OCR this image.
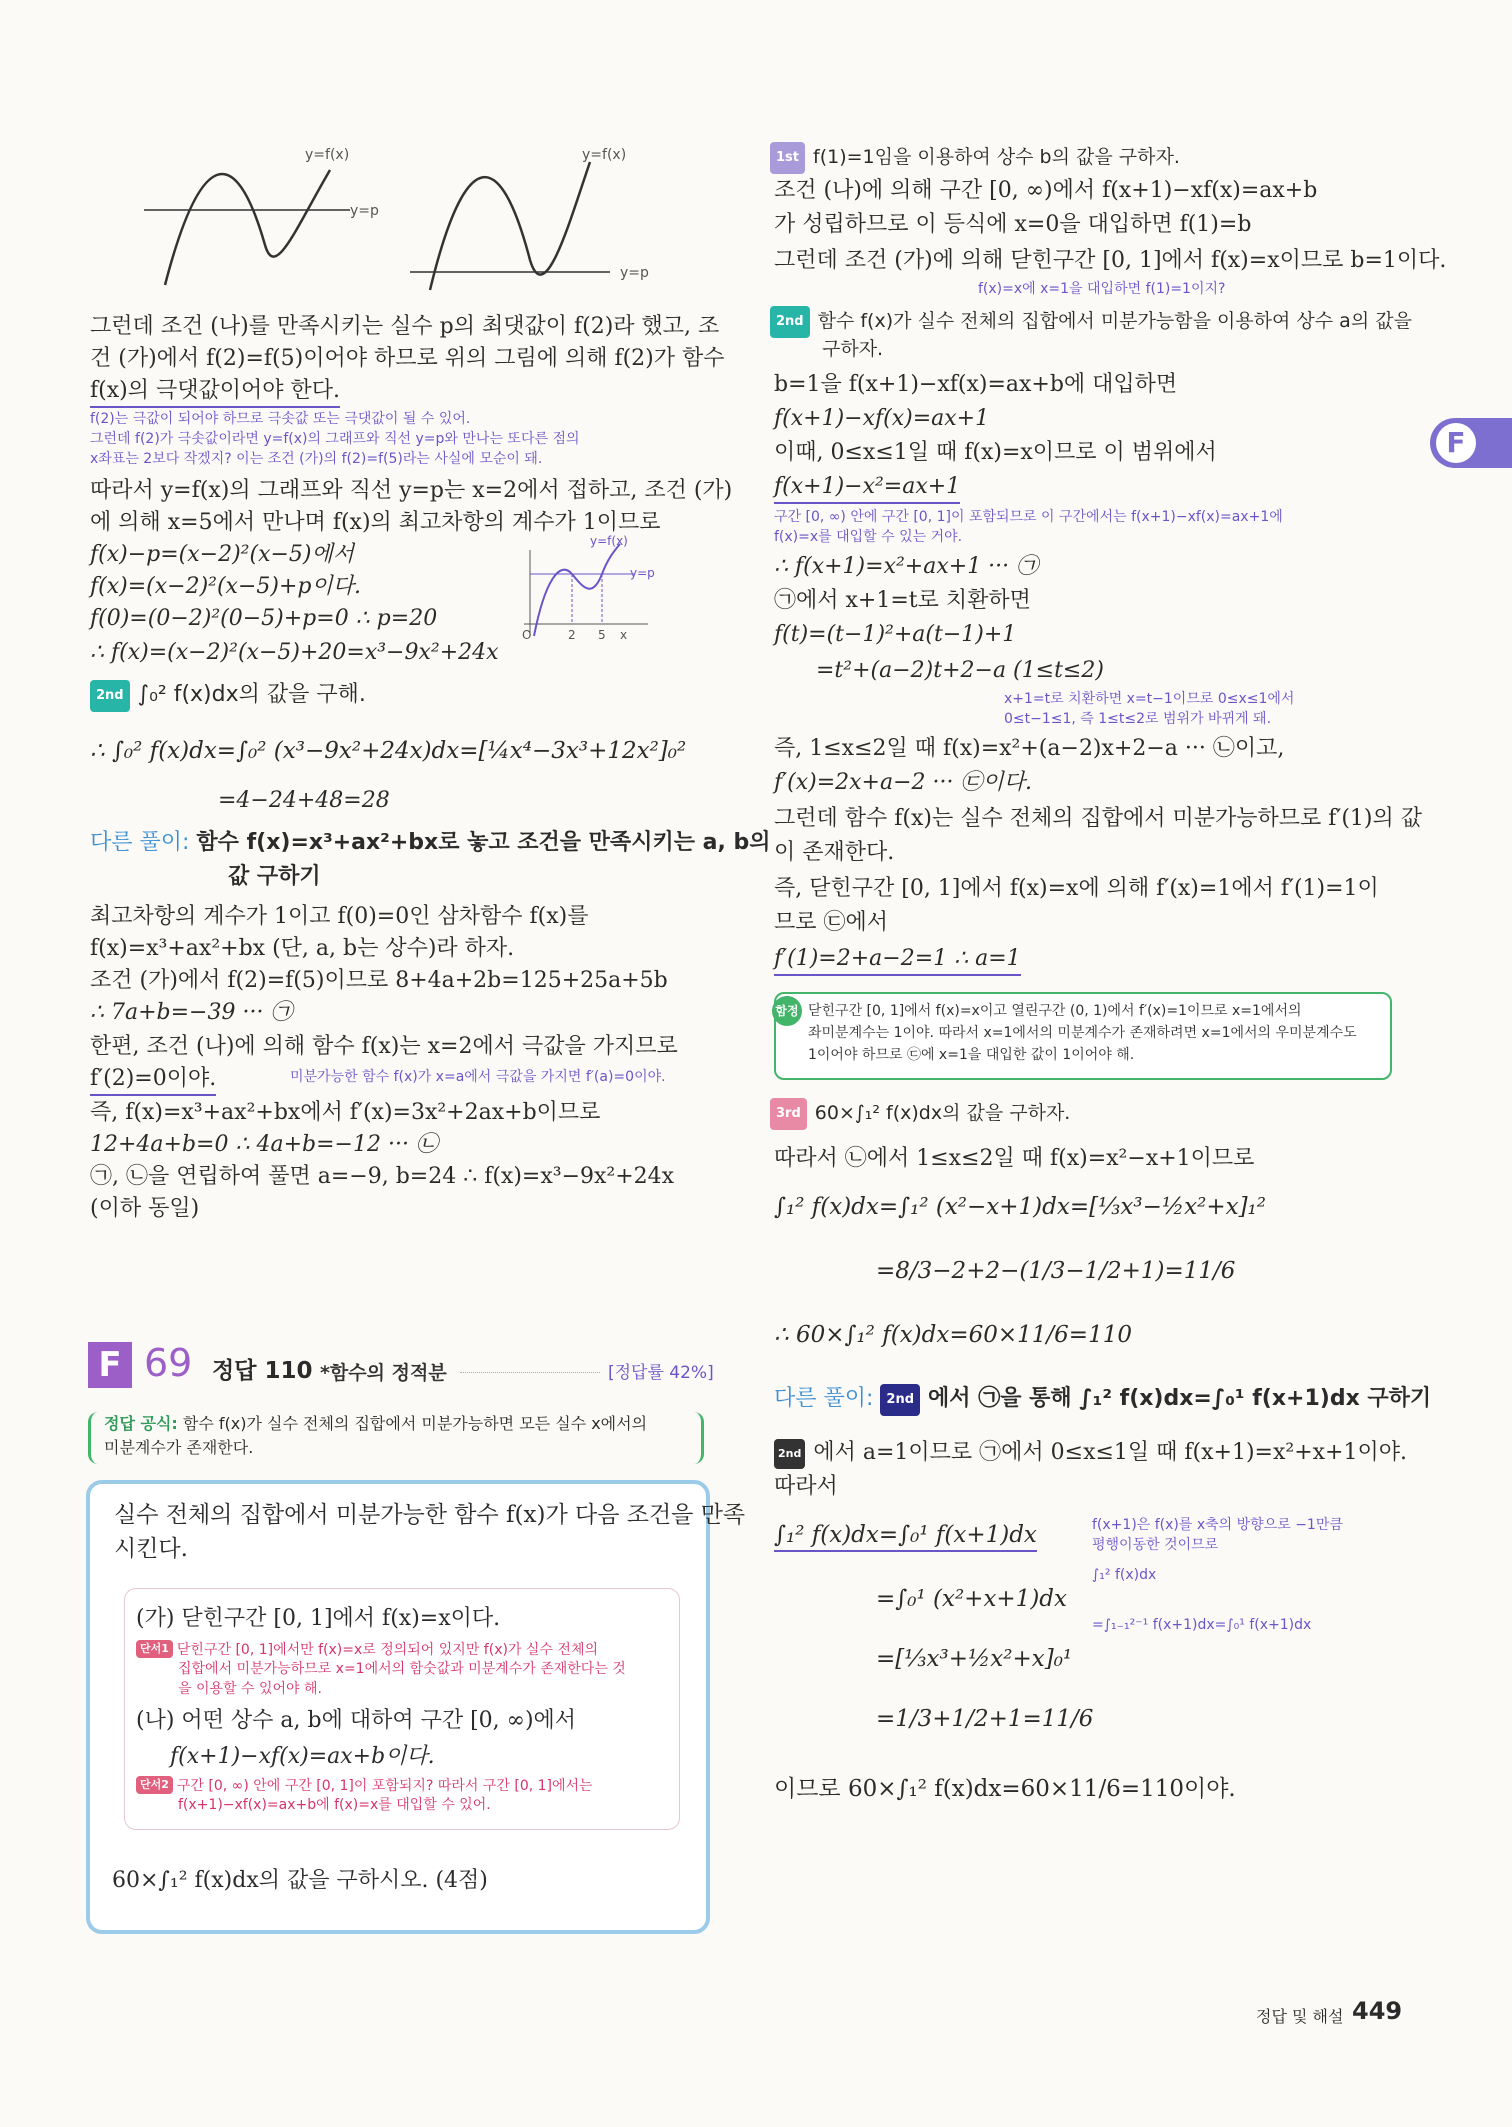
y=f(x)
y=p
y=f(x)
y=p
그런데 조건 (나)를 만족시키는 실수 p의 최댓값이 f(2)라 했고, 조
건 (가)에서 f(2)=f(5)이어야 하므로 위의 그림에 의해 f(2)가 함수
f(x)의 극댓값이어야 한다.
f(2)는 극값이 되어야 하므로 극솟값 또는 극댓값이 될 수 있어.
그런데 f(2)가 극솟값이라면 y=f(x)의 그래프와 직선 y=p와 만나는 또다른 점의
x좌표는 2보다 작겠지? 이는 조건 (가)의 f(2)=f(5)라는 사실에 모순이 돼.
따라서 y=f(x)의 그래프와 직선 y=p는 x=2에서 접하고, 조건 (가)
에 의해 x=5에서 만나며 f(x)의 최고차항의 계수가 1이므로
f(x)−p=(x−2)²(x−5)에서
f(x)=(x−2)²(x−5)+p이다.
f(0)=(0−2)²(0−5)+p=0 ∴ p=20
∴ f(x)=(x−2)²(x−5)+20=x³−9x²+24x
y=f(x)
y=p
O	2 5 x
2nd ∫₀² f(x)dx의 값을 구해.
∴ ∫₀² f(x)dx=∫₀² (x³−9x²+24x)dx=[¼x⁴−3x³+12x²]₀²
=4−24+48=28
다른 풀이: 함수 f(x)=x³+ax²+bx로 놓고 조건을 만족시키는 a, b의
값 구하기
최고차항의 계수가 1이고 f(0)=0인 삼차함수 f(x)를
f(x)=x³+ax²+bx (단, a, b는 상수)라 하자.
조건 (가)에서 f(2)=f(5)이므로 8+4a+2b=125+25a+5b
∴ 7a+b=−39 ··· ㉠
한편, 조건 (나)에 의해 함수 f(x)는 x=2에서 극값을 가지므로
f′(2)=0이야.	미분가능한 함수 f(x)가 x=a에서 극값을 가지면 f′(a)=0이야.
즉, f(x)=x³+ax²+bx에서 f′(x)=3x²+2ax+b이므로
12+4a+b=0 ∴ 4a+b=−12 ··· ㉡
㉠, ㉡을 연립하여 풀면 a=−9, b=24 ∴ f(x)=x³−9x²+24x
(이하 동일)
F 69 정답 110 *함수의 정적분	[정답률 42%]
정답 공식: 함수 f(x)가 실수 전체의 집합에서 미분가능하면 모든 실수 x에서의
미분계수가 존재한다.
실수 전체의 집합에서 미분가능한 함수 f(x)가 다음 조건을 만족
시킨다.
(가) 닫힌구간 [0, 1]에서 f(x)=x이다.
단서1 닫힌구간 [0, 1]에서만 f(x)=x로 정의되어 있지만 f(x)가 실수 전체의
집합에서 미분가능하므로 x=1에서의 함숫값과 미분계수가 존재한다는 것
을 이용할 수 있어야 해.
(나) 어떤 상수 a, b에 대하여 구간 [0, ∞)에서
f(x+1)−xf(x)=ax+b이다.
단서2 구간 [0, ∞) 안에 구간 [0, 1]이 포함되지? 따라서 구간 [0, 1]에서는
f(x+1)−xf(x)=ax+b에 f(x)=x를 대입할 수 있어.
60×∫₁² f(x)dx의 값을 구하시오. (4점)
1st f(1)=1임을 이용하여 상수 b의 값을 구하자.
조건 (나)에 의해 구간 [0, ∞)에서 f(x+1)−xf(x)=ax+b
가 성립하므로 이 등식에 x=0을 대입하면 f(1)=b
그런데 조건 (가)에 의해 닫힌구간 [0, 1]에서 f(x)=x이므로 b=1이다.
f(x)=x에 x=1을 대입하면 f(1)=1이지?
2nd 함수 f(x)가 실수 전체의 집합에서 미분가능함을 이용하여 상수 a의 값을
구하자.
b=1을 f(x+1)−xf(x)=ax+b에 대입하면
f(x+1)−xf(x)=ax+1
이때, 0≤x≤1일 때 f(x)=x이므로 이 범위에서
f(x+1)−x²=ax+1
구간 [0, ∞) 안에 구간 [0, 1]이 포함되므로 이 구간에서는 f(x+1)−xf(x)=ax+1에
f(x)=x를 대입할 수 있는 거야.
∴ f(x+1)=x²+ax+1 ··· ㉠
㉠에서 x+1=t로 치환하면
f(t)=(t−1)²+a(t−1)+1
=t²+(a−2)t+2−a (1≤t≤2)
x+1=t로 치환하면 x=t−1이므로 0≤x≤1에서
0≤t−1≤1, 즉 1≤t≤2로 범위가 바뀌게 돼.
즉, 1≤x≤2일 때 f(x)=x²+(a−2)x+2−a ··· ㉡이고,
f′(x)=2x+a−2 ··· ㉢이다.
그런데 함수 f(x)는 실수 전체의 집합에서 미분가능하므로 f′(1)의 값
이 존재한다.
즉, 닫힌구간 [0, 1]에서 f(x)=x에 의해 f′(x)=1에서 f′(1)=1이
므로 ㉢에서
f′(1)=2+a−2=1 ∴ a=1
함정 닫힌구간 [0, 1]에서 f(x)=x이고 열린구간 (0, 1)에서 f′(x)=1이므로 x=1에서의
좌미분계수는 1이야. 따라서 x=1에서의 미분계수가 존재하려면 x=1에서의 우미분계수도
1이어야 하므로 ㉢에 x=1을 대입한 값이 1이어야 해.
3rd 60×∫₁² f(x)dx의 값을 구하자.
따라서 ㉡에서 1≤x≤2일 때 f(x)=x²−x+1이므로
∫₁² f(x)dx=∫₁² (x²−x+1)dx=[⅓x³−½x²+x]₁²
=8/3−2+2−(1/3−1/2+1)=11/6
∴ 60×∫₁² f(x)dx=60×11/6=110
다른 풀이: 2nd 에서 ㉠을 통해 ∫₁² f(x)dx=∫₀¹ f(x+1)dx 구하기
2nd 에서 a=1이므로 ㉠에서 0≤x≤1일 때 f(x+1)=x²+x+1이야.
따라서
∫₁² f(x)dx=∫₀¹ f(x+1)dx	f(x+1)은 f(x)를 x축의 방향으로 −1만큼
평행이동한 것이므로
∫₁² f(x)dx
=∫₁₋₁²⁻¹ f(x+1)dx=∫₀¹ f(x+1)dx
=∫₀¹ (x²+x+1)dx
=[⅓x³+½x²+x]₀¹
=1/3+1/2+1=11/6
이므로 60×∫₁² f(x)dx=60×11/6=110이야.
F
정답 및 해설 449
